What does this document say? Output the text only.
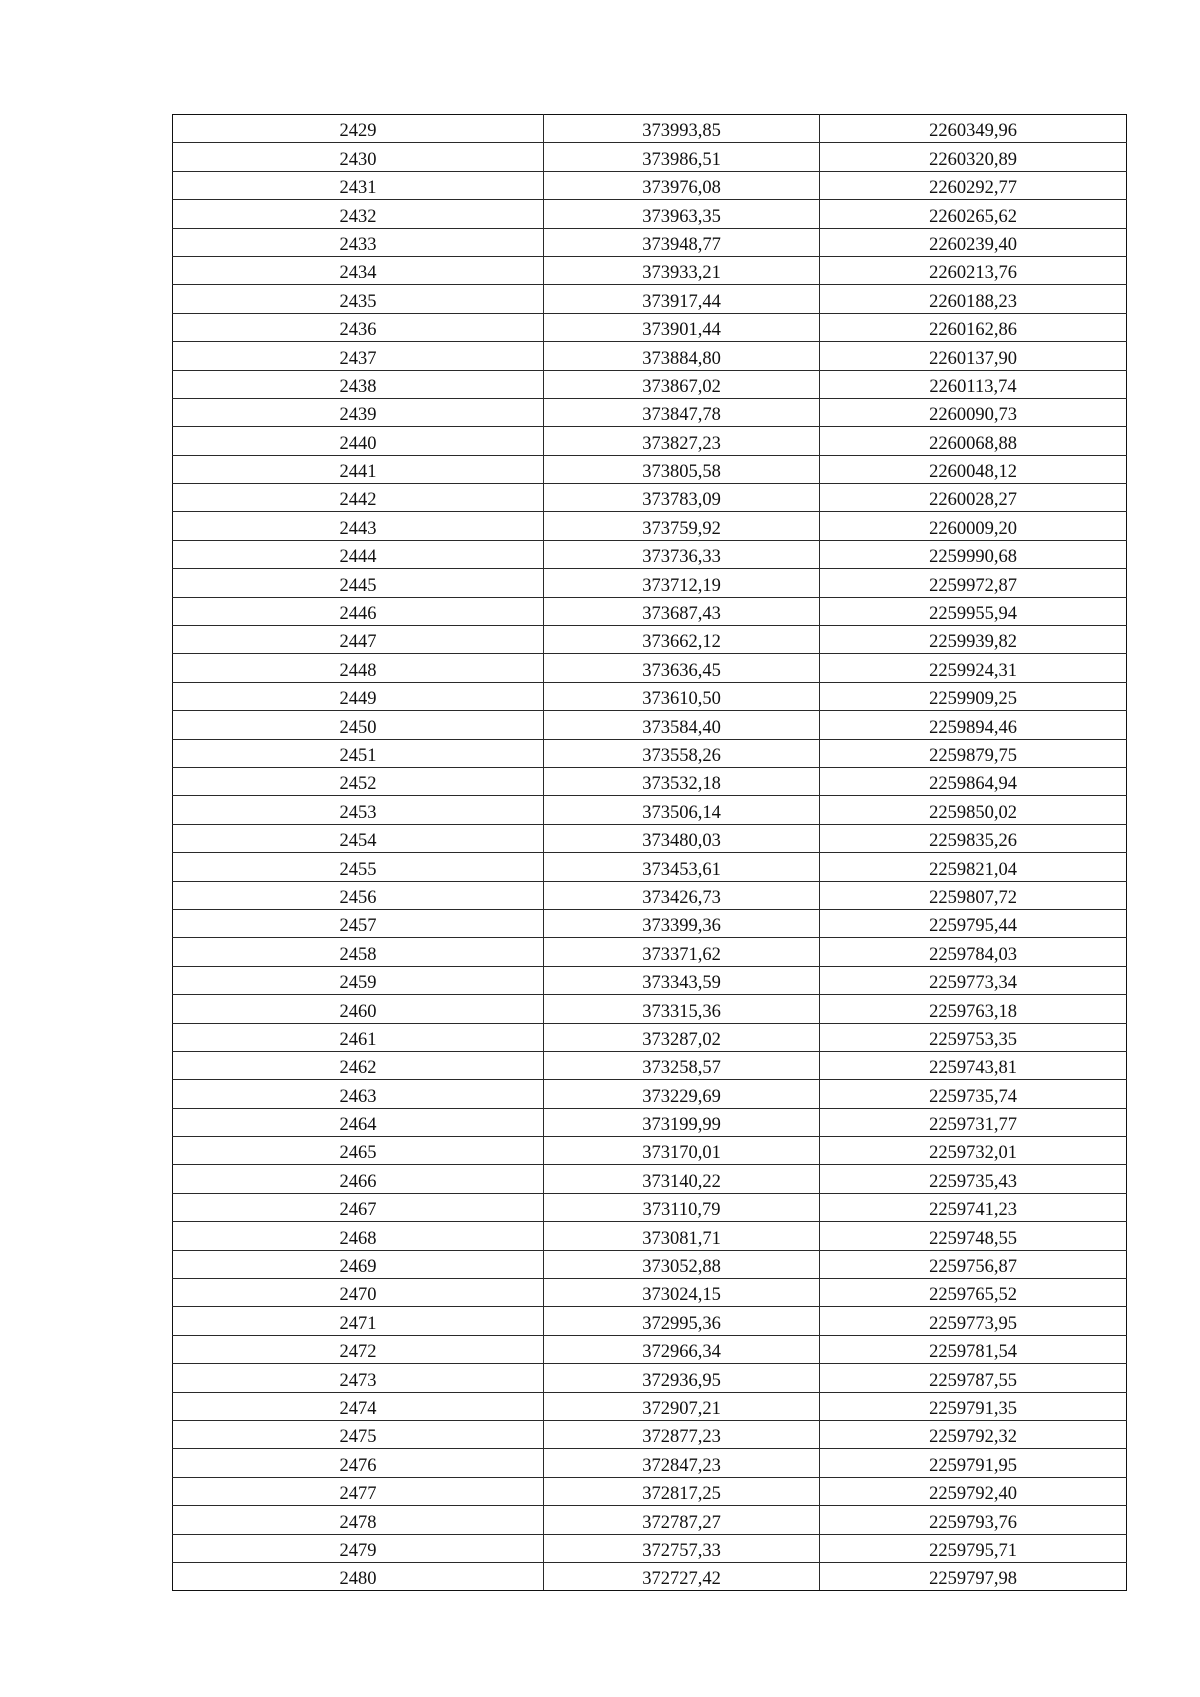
2429	373993,85	2260349,96
2430	373986,51	2260320,89
2431	373976,08	2260292,77
2432	373963,35	2260265,62
2433	373948,77	2260239,40
2434	373933,21	2260213,76
2435	373917,44	2260188,23
2436	373901,44	2260162,86
2437	373884,80	2260137,90
2438	373867,02	2260113,74
2439	373847,78	2260090,73
2440	373827,23	2260068,88
2441	373805,58	2260048,12
2442	373783,09	2260028,27
2443	373759,92	2260009,20
2444	373736,33	2259990,68
2445	373712,19	2259972,87
2446	373687,43	2259955,94
2447	373662,12	2259939,82
2448	373636,45	2259924,31
2449	373610,50	2259909,25
2450	373584,40	2259894,46
2451	373558,26	2259879,75
2452	373532,18	2259864,94
2453	373506,14	2259850,02
2454	373480,03	2259835,26
2455	373453,61	2259821,04
2456	373426,73	2259807,72
2457	373399,36	2259795,44
2458	373371,62	2259784,03
2459	373343,59	2259773,34
2460	373315,36	2259763,18
2461	373287,02	2259753,35
2462	373258,57	2259743,81
2463	373229,69	2259735,74
2464	373199,99	2259731,77
2465	373170,01	2259732,01
2466	373140,22	2259735,43
2467	373110,79	2259741,23
2468	373081,71	2259748,55
2469	373052,88	2259756,87
2470	373024,15	2259765,52
2471	372995,36	2259773,95
2472	372966,34	2259781,54
2473	372936,95	2259787,55
2474	372907,21	2259791,35
2475	372877,23	2259792,32
2476	372847,23	2259791,95
2477	372817,25	2259792,40
2478	372787,27	2259793,76
2479	372757,33	2259795,71
2480	372727,42	2259797,98
